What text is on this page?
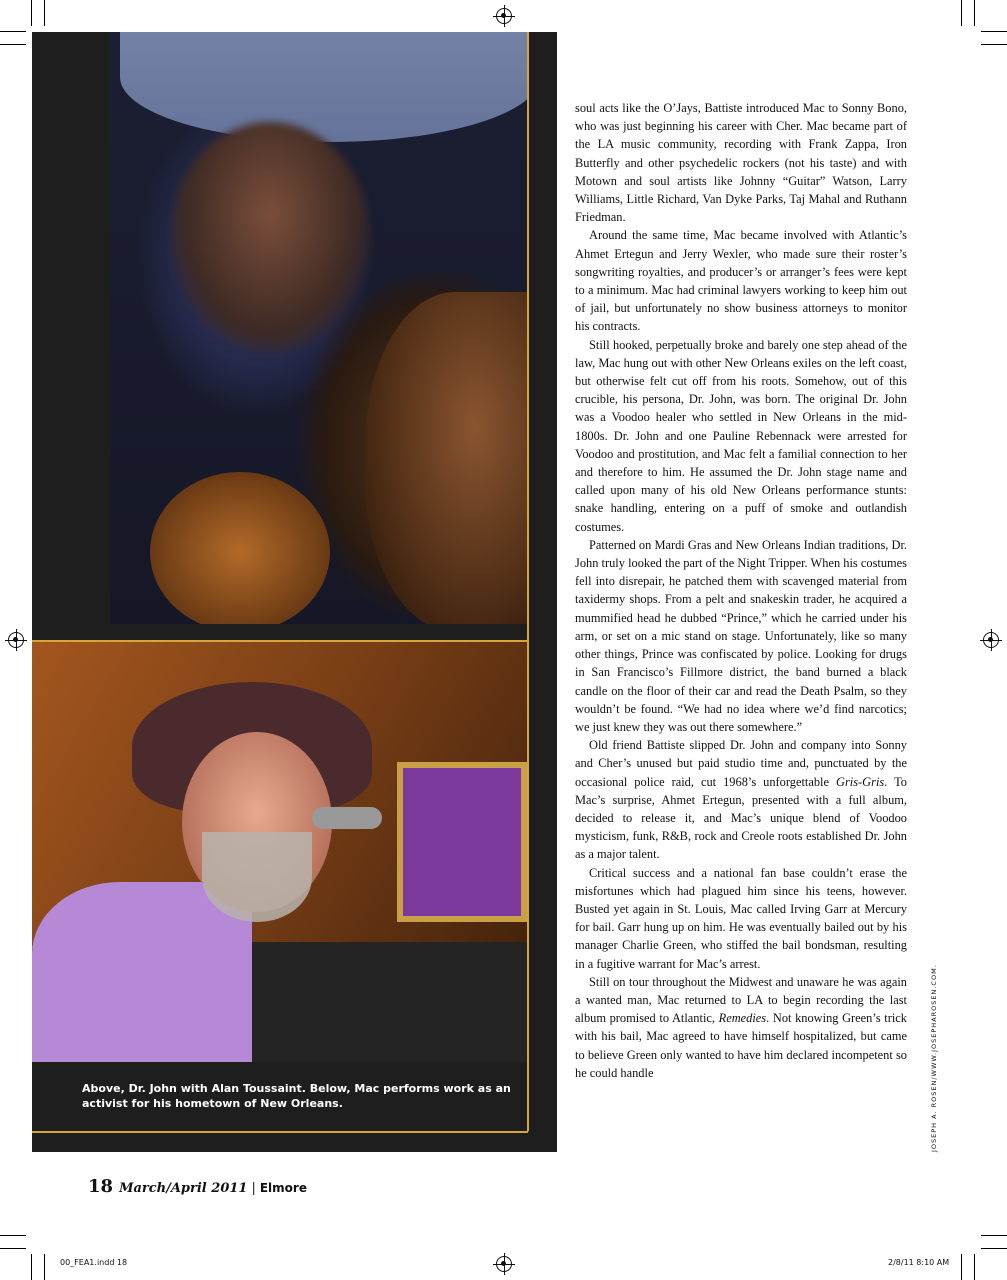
Above, Dr. John with Alan Toussaint. Below, Mac performs work as an activist for his hometown of New Orleans.

soul acts like the O’Jays, Battiste introduced Mac to Sonny Bono, who was just beginning his career with Cher. Mac became part of the LA music community, recording with Frank Zappa, Iron Butterfly and other psychedelic rockers (not his taste) and with Motown and soul artists like Johnny “Guitar” Watson, Larry Williams, Little Richard, Van Dyke Parks, Taj Mahal and Ruthann Friedman.

Around the same time, Mac became involved with Atlantic’s Ahmet Ertegun and Jerry Wexler, who made sure their roster’s songwriting royalties, and producer’s or arranger’s fees were kept to a minimum. Mac had criminal lawyers working to keep him out of jail, but unfortunately no show business attorneys to monitor his contracts.

Still hooked, perpetually broke and barely one step ahead of the law, Mac hung out with other New Orleans exiles on the left coast, but otherwise felt cut off from his roots. Somehow, out of this crucible, his persona, Dr. John, was born. The original Dr. John was a Voodoo healer who settled in New Orleans in the mid-1800s. Dr. John and one Pauline Rebennack were arrested for Voodoo and prostitution, and Mac felt a familial connection to her and therefore to him. He assumed the Dr. John stage name and called upon many of his old New Orleans performance stunts: snake handling, entering on a puff of smoke and outlandish costumes.

Patterned on Mardi Gras and New Orleans Indian traditions, Dr. John truly looked the part of the Night Tripper. When his costumes fell into disrepair, he patched them with scavenged material from taxidermy shops. From a pelt and snakeskin trader, he acquired a mummified head he dubbed “Prince,” which he carried under his arm, or set on a mic stand on stage. Unfortunately, like so many other things, Prince was confiscated by police. Looking for drugs in San Francisco’s Fillmore district, the band burned a black candle on the floor of their car and read the Death Psalm, so they wouldn’t be found. “We had no idea where we’d find narcotics; we just knew they was out there somewhere.”

Old friend Battiste slipped Dr. John and company into Sonny and Cher’s unused but paid studio time and, punctuated by the occasional police raid, cut 1968’s unforgettable Gris-Gris. To Mac’s surprise, Ahmet Ertegun, presented with a full album, decided to release it, and Mac’s unique blend of Voodoo mysticism, funk, R&B, rock and Creole roots established Dr. John as a major talent.

Critical success and a national fan base couldn’t erase the misfortunes which had plagued him since his teens, however. Busted yet again in St. Louis, Mac called Irving Garr at Mercury for bail. Garr hung up on him. He was eventually bailed out by his manager Charlie Green, who stiffed the bail bondsman, resulting in a fugitive warrant for Mac’s arrest.

Still on tour throughout the Midwest and unaware he was again a wanted man, Mac returned to LA to begin recording the last album promised to Atlantic, Remedies. Not knowing Green’s trick with his bail, Mac agreed to have himself hospitalized, but came to believe Green only wanted to have him declared incompetent so he could handle	JOSEPH A. ROSEN/WWW.JOSEPHAROSEN.COM.
18 March/April 2011 | Elmore
00_FEA1.indd 18	2/8/11 8:10 AM
